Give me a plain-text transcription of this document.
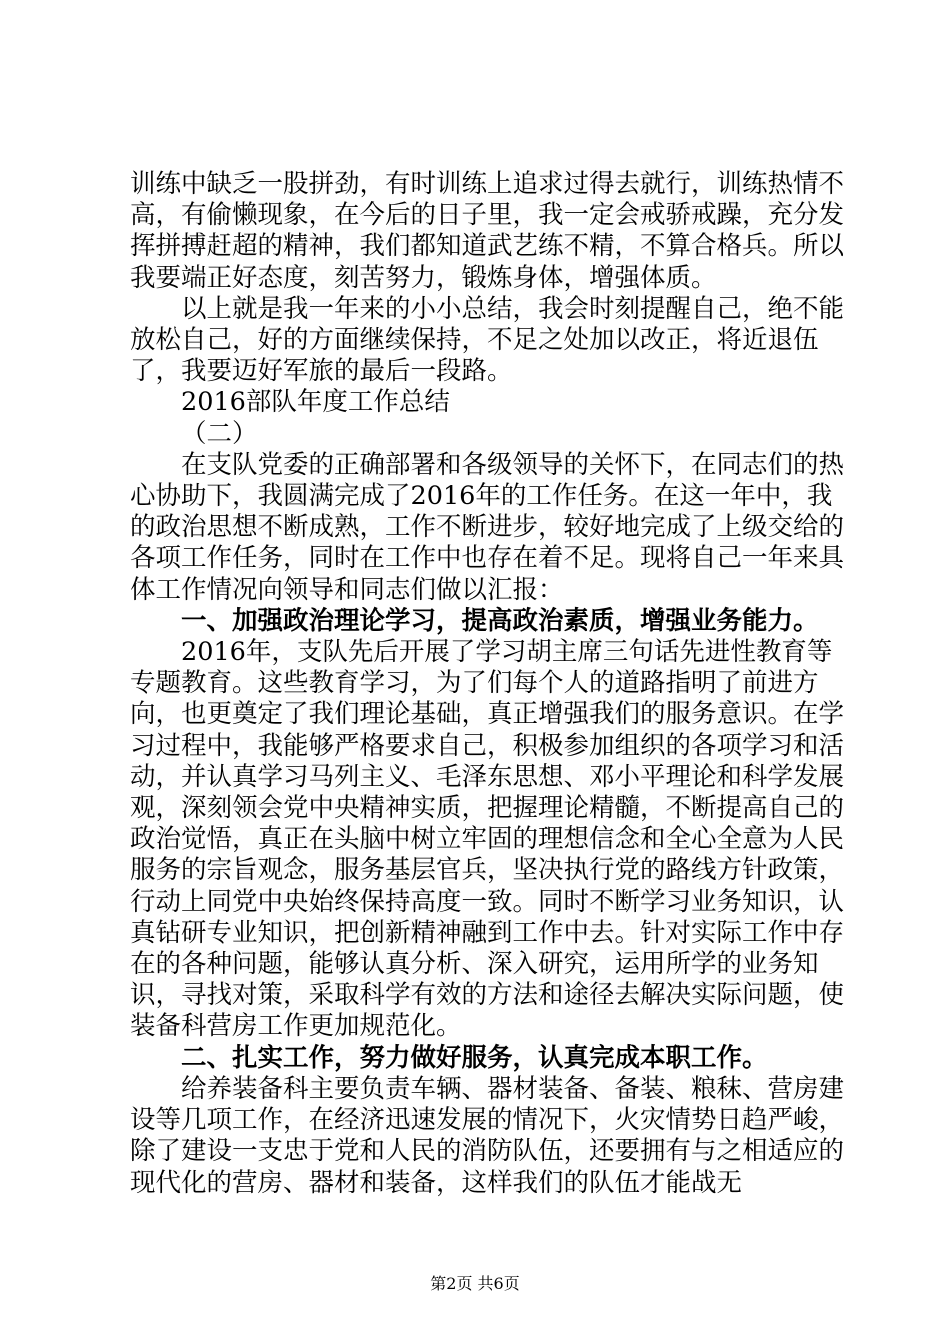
训练中缺乏一股拼劲，有时训练上追求过得去就行，训练热情不高，有偷懒现象，在今后的日子里，我一定会戒骄戒躁，充分发挥拼搏赶超的精神，我们都知道武艺练不精，不算合格兵。所以我要端正好态度，刻苦努力，锻炼身体，增强体质。

以上就是我一年来的小小总结，我会时刻提醒自己，绝不能放松自己，好的方面继续保持，不足之处加以改正，将近退伍了，我要迈好军旅的最后一段路。

2016部队年度工作总结

（二）

在支队党委的正确部署和各级领导的关怀下，在同志们的热心协助下，我圆满完成了2016年的工作任务。在这一年中，我的政治思想不断成熟，工作不断进步，较好地完成了上级交给的各项工作任务，同时在工作中也存在着不足。现将自己一年来具体工作情况向领导和同志们做以汇报：

一、加强政治理论学习，提高政治素质，增强业务能力。

2016年，支队先后开展了学习胡主席三句话先进性教育等专题教育。这些教育学习，为了们每个人的道路指明了前进方向，也更奠定了我们理论基础，真正增强我们的服务意识。在学习过程中，我能够严格要求自己，积极参加组织的各项学习和活动，并认真学习马列主义、毛泽东思想、邓小平理论和科学发展观，深刻领会党中央精神实质，把握理论精髓，不断提高自己的政治觉悟，真正在头脑中树立牢固的理想信念和全心全意为人民服务的宗旨观念，服务基层官兵，坚决执行党的路线方针政策，行动上同党中央始终保持高度一致。同时不断学习业务知识，认真钻研专业知识，把创新精神融到工作中去。针对实际工作中存在的各种问题，能够认真分析、深入研究，运用所学的业务知识，寻找对策，采取科学有效的方法和途径去解决实际问题，使装备科营房工作更加规范化。

二、扎实工作，努力做好服务，认真完成本职工作。

给养装备科主要负责车辆、器材装备、备装、粮秣、营房建设等几项工作，在经济迅速发展的情况下，火灾情势日趋严峻，除了建设一支忠于党和人民的消防队伍，还要拥有与之相适应的现代化的营房、器材和装备，这样我们的队伍才能战无

第2页 共6页
